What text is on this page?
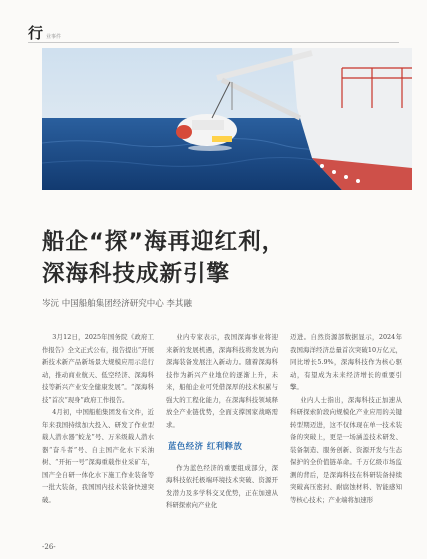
行 业事件
船企“探”海再迎红利，
深海科技成新引擎
岑沅 中国船舶集团经济研究中心 李其融

3月12日，2025年国务院《政府工作报告》全文正式公布，报告提出“开展新技术新产品新场景大规模应用示范行动，推动商业航天、低空经济、深海科技等新兴产业安全健康发展”。“深海科技”首次“现身”政府工作报告。

4月初，中国船舶集团发布文件，近年来我国持续加大投入、研发了作业型载人潜水器“蛟龙”号、万米级载人潜水器“奋斗者”号、自主国产化水下采油树、“开拓一号”深海重载作业采矿车，国产全自研一体化水下施工作业装备等一批大装备，我国国内技术装备快速突破。

业内专家表示，我国深海事业将迎来新的发展机遇，深海科技将发展为向深海装备发展注入新动力。随着深海科技作为新兴产业地位的逐渐上升，未来，船舶企业可凭借深厚的技术积累与强大的工程化能力，在深海科技领域释放全产业链优势，全面支撑国家战略需求。

蓝色经济 红利释放

作为蓝色经济的重要组成部分，深海科技依托极端环境技术突破、资源开发潜力及多学科交叉优势，正在加速从科研探索向产业化

迈进。自然资源部数据显示，2024年我国海洋经济总量首次突破10万亿元，同比增长5.9%，深海科技作为核心驱动，有望成为未来经济增长的重要引擎。

业内人士指出，深海科技正加速从科研探索阶段向规模化产业应用的关键转型期迈进，这不仅体现在单一技术装备的突破上，更是一场涵盖技术研发、装备制造、服务创新、资源开发与生态保护的全价值链革命。千万亿级市场监测的背后，是深海科技在科研装备持续突破高压密封、耐腐蚀材料、智能感知等核心技术；产业端将加速形

-26-
